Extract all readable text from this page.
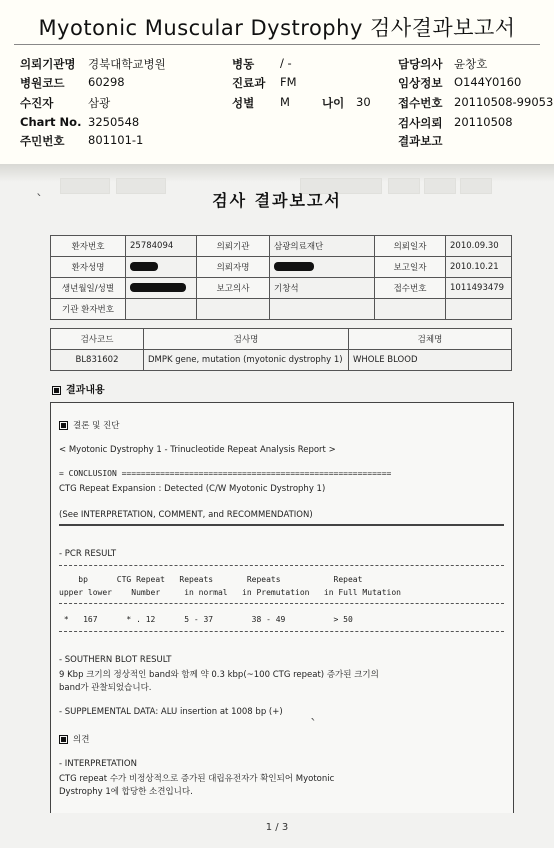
Myotonic Muscular Dystrophy 검사결과보고서
의뢰기관명 경북대학교병원
병원코드 60298
수진자	삼광
Chart No. 3250548
주민번호 801101-1
병동 / -
진료과 FM
성별 M	나이 30
담당의사 윤창호
임상정보 O144Y0160
접수번호 20110508-99053
검사의뢰 20110508
결과보고
ˋ	검사 결과보고서
환자번호	25784094	의뢰기관	삼광의료재단	의뢰일자	2010.09.30
환자성명		의뢰자명		보고일자	2010.10.21
생년월일/성별		보고의사	기창석	접수번호	1011493479
기관 환자번호					
검사코드	검사명	검체명
BL831602	DMPK gene, mutation (myotonic dystrophy 1)	WHOLE BLOOD
결과내용
결론 및 진단
< Myotonic Dystrophy 1 - Trinucleotide Repeat Analysis Report >
= CONCLUSION ========================================================
CTG Repeat Expansion : Detected (C/W Myotonic Dystrophy 1)
(See INTERPRETATION, COMMENT, and RECOMMENDATION)
- PCR RESULT
bp      CTG Repeat   Repeats       Repeats           Repeat
upper lower    Number     in normal   in Premutation   in Full Mutation
*   167      * . 12      5 - 37        38 - 49          > 50
- SOUTHERN BLOT RESULT
9 Kbp 크기의 정상적인 band와 함께 약 0.3 kbp(~100 CTG repeat) 증가된 크기의
band가 관찰되었습니다.
- SUPPLEMENTAL DATA: ALU insertion at 1008 bp (+)
의견
- INTERPRETATION
CTG repeat 수가 비정상적으로 증가된 대립유전자가 확인되어 Myotonic
Dystrophy 1에 합당한 소견입니다.
ˎ
1 / 3
